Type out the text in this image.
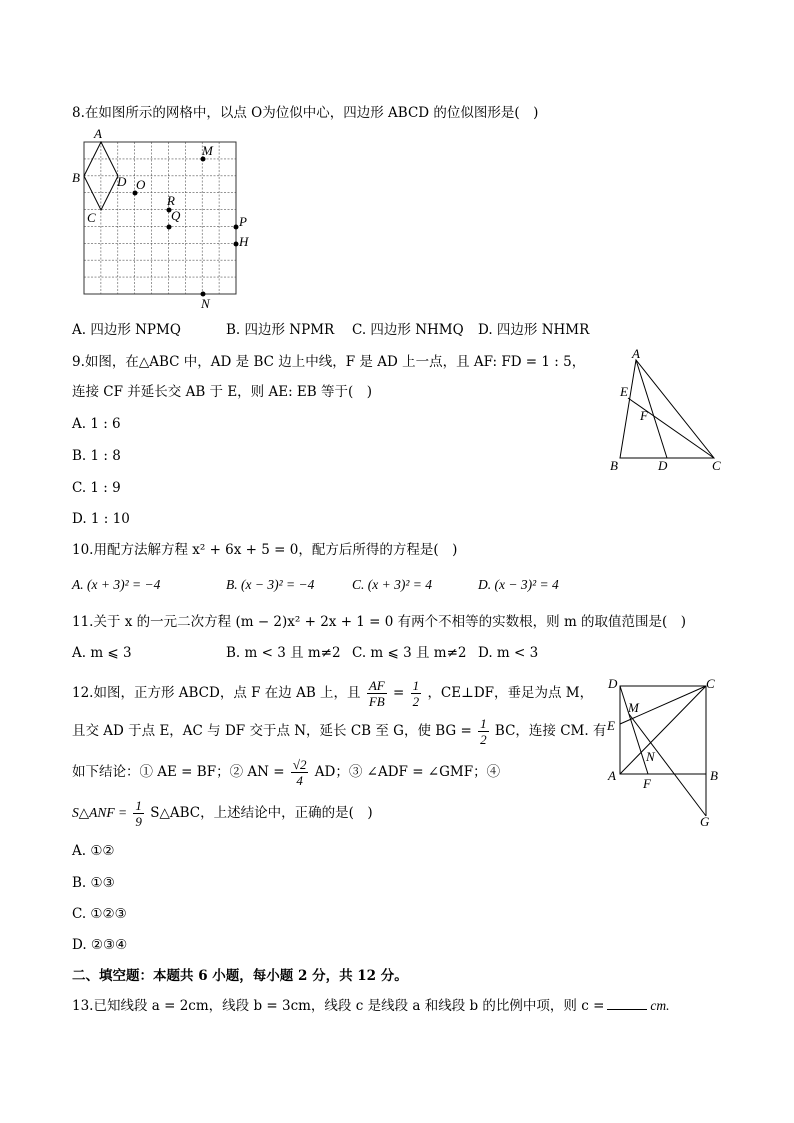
8.在如图所示的网格中，以点 O为位似中心，四边形 ABCD 的位似图形是(　)
A
B
C
D O
M
R
Q	P
H
N
A. 四边形 NPMQ	B. 四边形 NPMR C. 四边形 NHMQ D. 四边形 NHMR
9.如图，在△ABC 中，AD 是 BC 边上中线，F 是 AD 上一点，且 AF: FD = 1 : 5，
连接 CF 并延长交 AB 于 E，则 AE: EB 等于(　)
A
E
F
B	D	C
A. 1 : 6
B. 1 : 8
C. 1 : 9
D. 1 : 10
10.用配方法解方程 x² + 6x + 5 = 0，配方后所得的方程是(　)
A. (x + 3)² = −4	B. (x − 3)² = −4	C. (x + 3)² = 4	D. (x − 3)² = 4
11.关于 x 的一元二次方程 (m − 2)x² + 2x + 1 = 0 有两个不相等的实数根，则 m 的取值范围是(　)
A. m ⩽ 3	B. m < 3 且 m≠2 C. m ⩽ 3 且 m≠2 D. m < 3
12.如图，正方形 ABCD，点 F 在边 AB 上，且 $\frac{AF}{FB} = \frac{1}{2}$ ，CE⊥DF，垂足为点 M，
且交 AD 于点 E，AC 与 DF 交于点 N，延长 CB 至 G，使 BG = $\frac{1}{2}$ BC，连接 CM. 有
如下结论：① AE = BF；② AN = $\frac{√2}{4}$ AD；③ ∠ADF = ∠GMF；④
S△ANF = $\frac{1}{9}$ S△ABC，上述结论中，正确的是(　)
D	C
E
M
N
A
F
B
G
A. ①②
B. ①③
C. ①②③
D. ②③④
二、填空题：本题共 6 小题，每小题 2 分，共 12 分。
13.已知线段 a = 2cm，线段 b = 3cm，线段 c 是线段 a 和线段 b 的比例中项，则 c =	cm.
